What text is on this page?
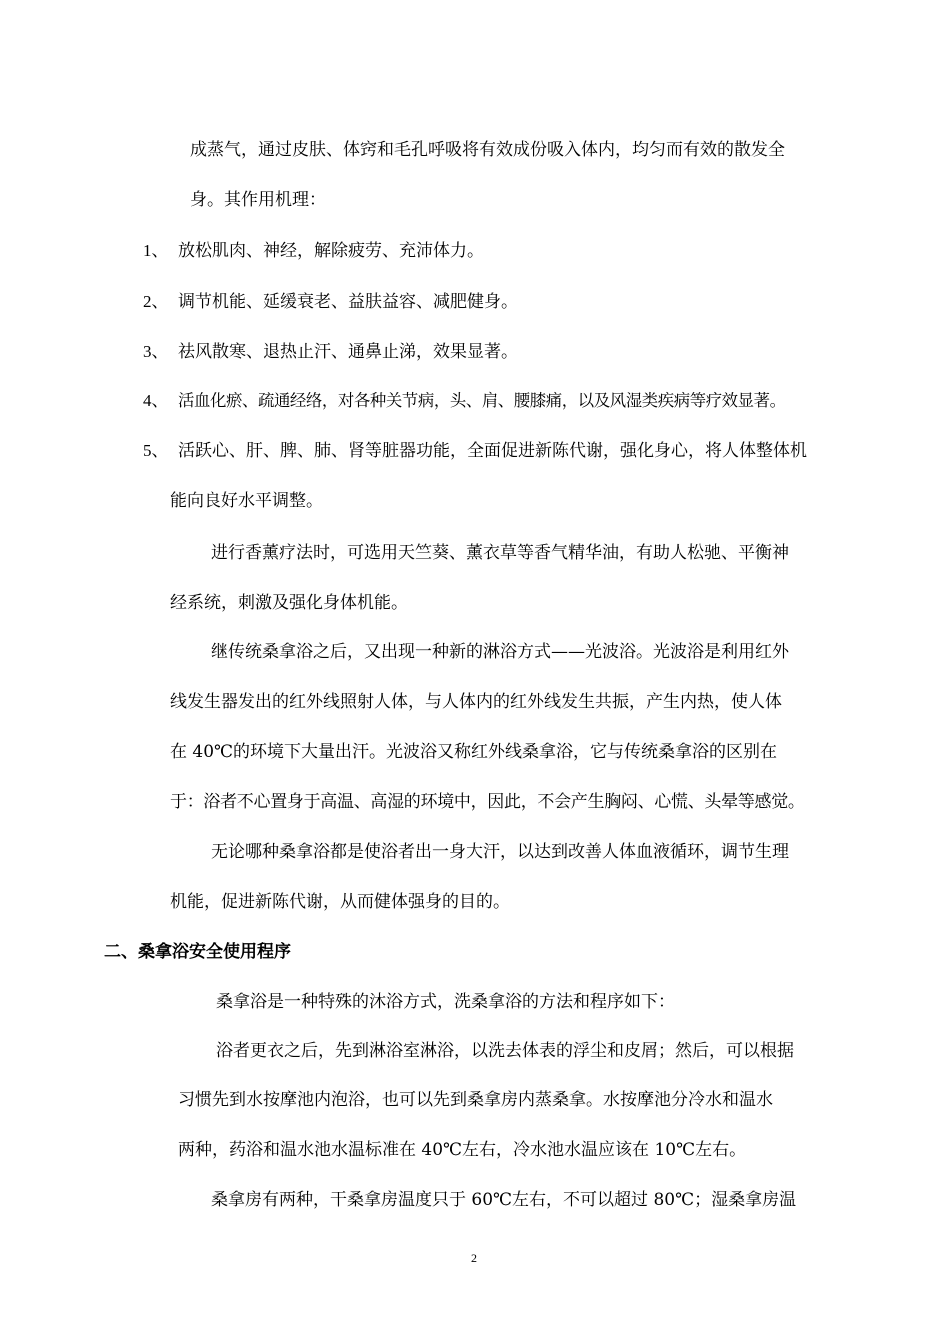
成蒸气，通过皮肤、体窍和毛孔呼吸将有效成份吸入体内，均匀而有效的散发全
身。其作用机理：
1、 放松肌肉、神经，解除疲劳、充沛体力。
2、 调节机能、延缓衰老、益肤益容、减肥健身。
3、 祛风散寒、退热止汗、通鼻止涕，效果显著。
4、 活血化瘀、疏通经络，对各种关节病，头、肩、腰膝痛，以及风湿类疾病等疗效显著。
5、 活跃心、肝、脾、肺、肾等脏器功能，全面促进新陈代谢，强化身心，将人体整体机
能向良好水平调整。
进行香薰疗法时，可选用天竺葵、薰衣草等香气精华油，有助人松驰、平衡神
经系统，刺激及强化身体机能。
继传统桑拿浴之后，又出现一种新的淋浴方式——光波浴。光波浴是利用红外
线发生器发出的红外线照射人体，与人体内的红外线发生共振，产生内热，使人体
在 40℃的环境下大量出汗。光波浴又称红外线桑拿浴，它与传统桑拿浴的区别在
于：浴者不心置身于高温、高湿的环境中，因此，不会产生胸闷、心慌、头晕等感觉。
无论哪种桑拿浴都是使浴者出一身大汗，以达到改善人体血液循环，调节生理
机能，促进新陈代谢，从而健体强身的目的。
二、桑拿浴安全使用程序
桑拿浴是一种特殊的沐浴方式，洗桑拿浴的方法和程序如下：
浴者更衣之后，先到淋浴室淋浴，以洗去体表的浮尘和皮屑；然后，可以根据
习惯先到水按摩池内泡浴，也可以先到桑拿房内蒸桑拿。水按摩池分冷水和温水
两种，药浴和温水池水温标准在 40℃左右，冷水池水温应该在 10℃左右。
桑拿房有两种，干桑拿房温度只于 60℃左右，不可以超过 80℃；湿桑拿房温
2
